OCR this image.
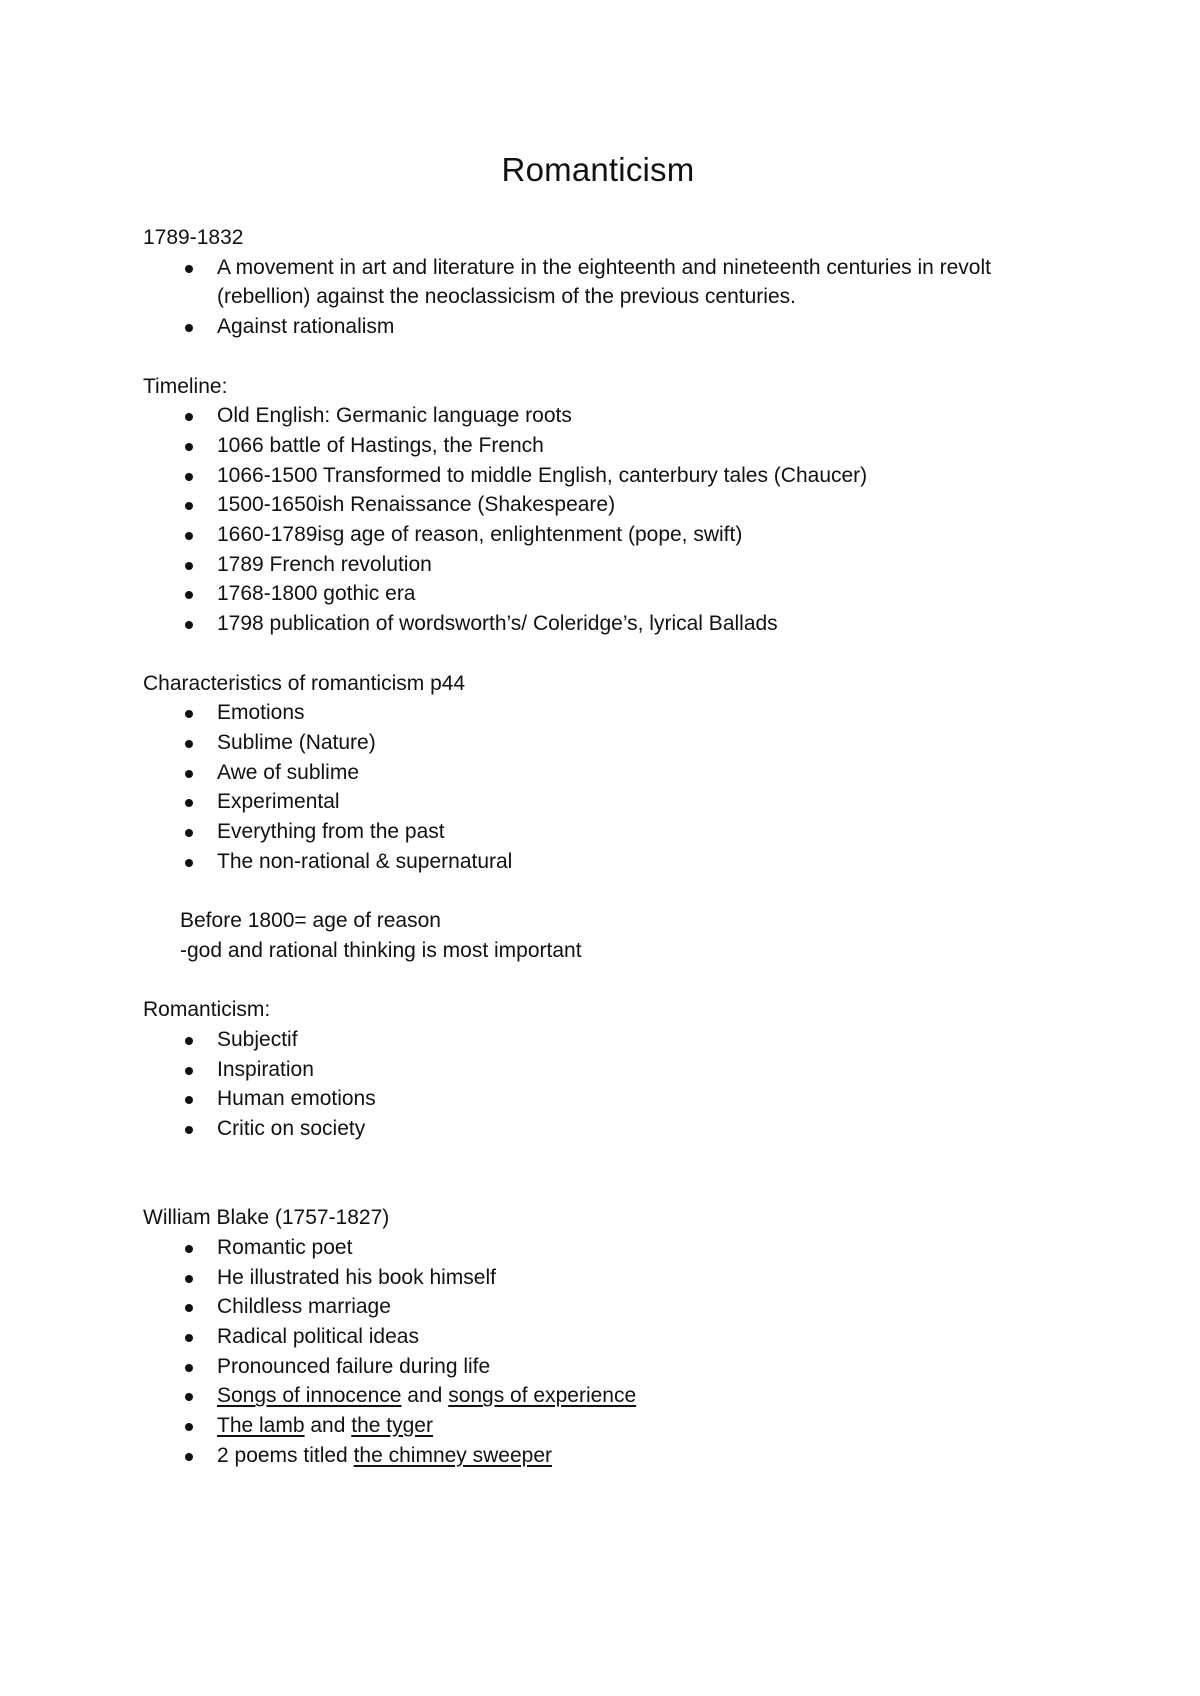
Romanticism

1789-1832

A movement in art and literature in the eighteenth and nineteenth centuries in revolt (rebellion) against the neoclassicism of the previous centuries.
Against rationalism

Timeline:

Old English: Germanic language roots
1066 battle of Hastings, the French
1066-1500 Transformed to middle English, canterbury tales (Chaucer)
1500-1650ish Renaissance (Shakespeare)
1660-1789isg age of reason, enlightenment (pope, swift)
1789 French revolution
1768-1800 gothic era
1798 publication of wordsworth’s/ Coleridge’s, lyrical Ballads

Characteristics of romanticism p44

Emotions
Sublime (Nature)
Awe of sublime
Experimental
Everything from the past
The non-rational & supernatural

Before 1800= age of reason

-god and rational thinking is most important

Romanticism:

Subjectif
Inspiration
Human emotions
Critic on society

William Blake (1757-1827)

Romantic poet
He illustrated his book himself
Childless marriage
Radical political ideas
Pronounced failure during life
Songs of innocence and songs of experience
The lamb and the tyger
2 poems titled the chimney sweeper
